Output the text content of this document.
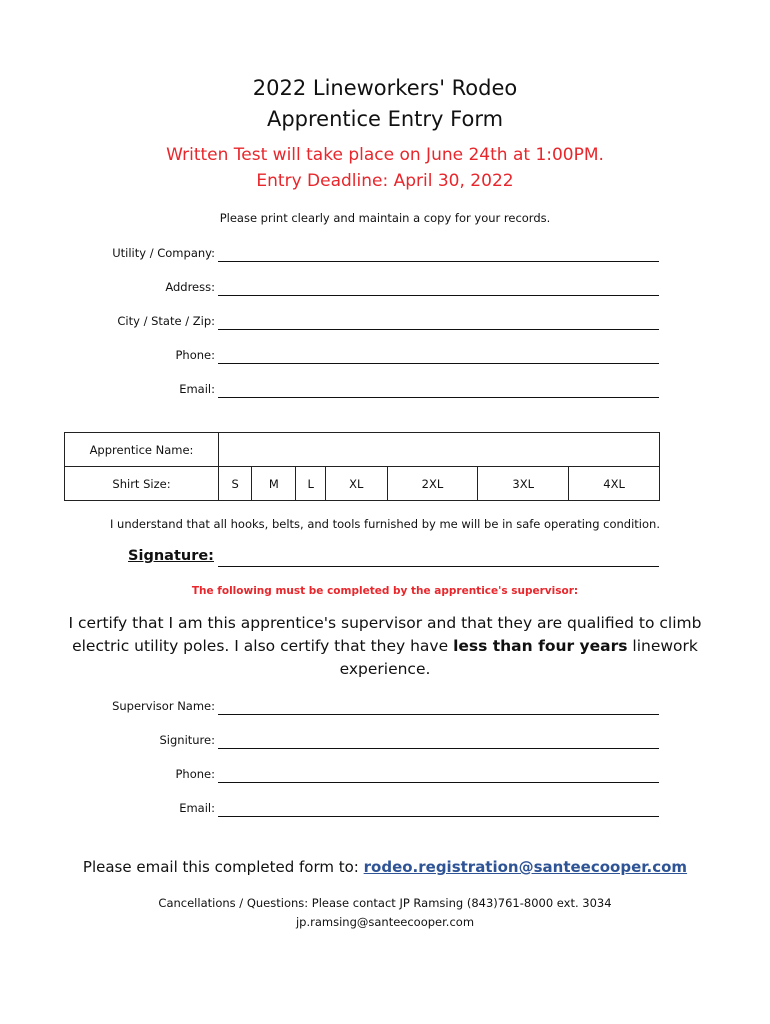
2022 Lineworkers' Rodeo
Apprentice Entry Form
Written Test will take place on June 24th at 1:00PM.
Entry Deadline: April 30, 2022
Please print clearly and maintain a copy for your records.
Utility / Company:
Address:
City / State / Zip:
Phone:
Email:
Apprentice Name:							
Shirt Size:	S	M	L	XL	2XL	3XL	4XL
I understand that all hooks, belts, and tools furnished by me will be in safe operating condition.
Signature:
The following must be completed by the apprentice's supervisor:
I certify that I am this apprentice's supervisor and that they are qualified to climb electric utility poles. I also certify that they have less than four years linework experience.
Supervisor Name:
Signiture:
Phone:
Email:
Please email this completed form to: rodeo.registration@santeecooper.com
Cancellations / Questions: Please contact JP Ramsing (843)761-8000 ext. 3034
jp.ramsing@santeecooper.com
